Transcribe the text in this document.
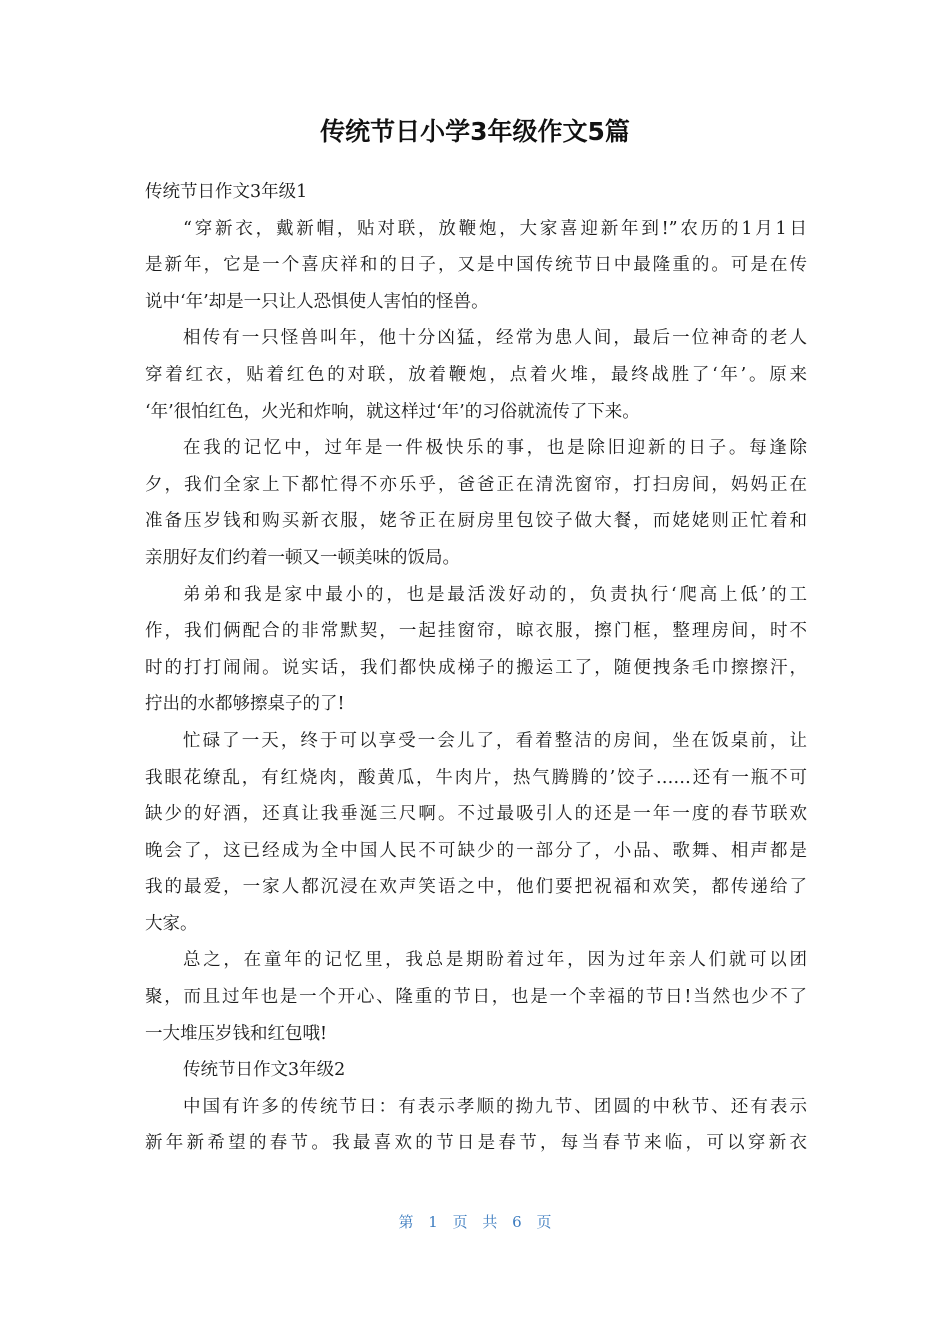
传统节日小学3年级作文5篇
传统节日作文3年级1
“穿新衣，戴新帽，贴对联，放鞭炮，大家喜迎新年到!”农历的1月1日
是新年，它是一个喜庆祥和的日子，又是中国传统节日中最隆重的。可是在传
说中‘年’却是一只让人恐惧使人害怕的怪兽。
相传有一只怪兽叫年，他十分凶猛，经常为患人间，最后一位神奇的老人
穿着红衣，贴着红色的对联，放着鞭炮，点着火堆，最终战胜了‘年’。原来
‘年’很怕红色，火光和炸响，就这样过‘年’的习俗就流传了下来。
在我的记忆中，过年是一件极快乐的事，也是除旧迎新的日子。每逢除
夕，我们全家上下都忙得不亦乐乎，爸爸正在清洗窗帘，打扫房间，妈妈正在
准备压岁钱和购买新衣服，姥爷正在厨房里包饺子做大餐，而姥姥则正忙着和
亲朋好友们约着一顿又一顿美味的饭局。
弟弟和我是家中最小的，也是最活泼好动的，负责执行‘爬高上低’的工
作，我们俩配合的非常默契，一起挂窗帘，晾衣服，擦门框，整理房间，时不
时的打打闹闹。说实话，我们都快成梯子的搬运工了，随便拽条毛巾擦擦汗，
拧出的水都够擦桌子的了!
忙碌了一天，终于可以享受一会儿了，看着整洁的房间，坐在饭桌前，让
我眼花缭乱，有红烧肉，酸黄瓜，牛肉片，热气腾腾的’饺子……还有一瓶不可
缺少的好酒，还真让我垂涎三尺啊。不过最吸引人的还是一年一度的春节联欢
晚会了，这已经成为全中国人民不可缺少的一部分了，小品、歌舞、相声都是
我的最爱，一家人都沉浸在欢声笑语之中，他们要把祝福和欢笑，都传递给了
大家。
总之，在童年的记忆里，我总是期盼着过年，因为过年亲人们就可以团
聚，而且过年也是一个开心、隆重的节日，也是一个幸福的节日!当然也少不了
一大堆压岁钱和红包哦!
传统节日作文3年级2
中国有许多的传统节日：有表示孝顺的拗九节、团圆的中秋节、还有表示
新年新希望的春节。我最喜欢的节日是春节，每当春节来临，可以穿新衣
第 1 页 共 6 页
